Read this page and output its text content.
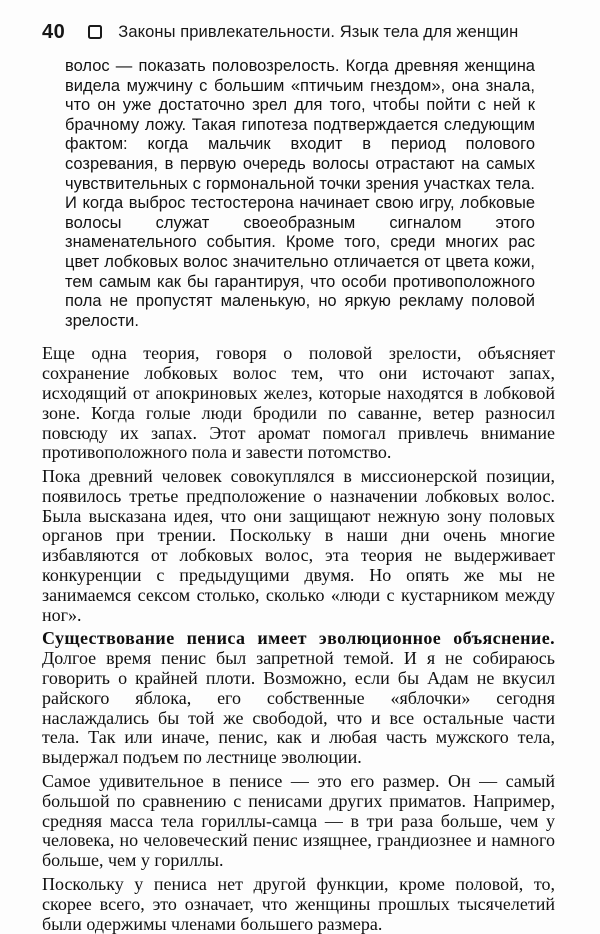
40	Законы привлекательности. Язык тела для женщин
волос — показать половозрелость. Когда древняя женщина видела мужчину с большим «птичьим гнездом», она знала, что он уже достаточно зрел для того, чтобы пойти с ней к брачному ложу. Такая гипотеза подтверждается следующим фактом: когда мальчик входит в период полового созревания, в первую очередь волосы отрастают на самых чувствительных с гормональной точки зрения участках тела. И когда выброс тестостерона начинает свою игру, лобковые волосы служат своеобразным сигналом этого знаменательного события. Кроме того, среди многих рас цвет лобковых волос значительно отличается от цвета кожи, тем самым как бы гарантируя, что особи противоположного пола не пропустят маленькую, но яркую рекламу половой зрелости.

Еще одна теория, говоря о половой зрелости, объясняет сохранение лобковых волос тем, что они источают запах, исходящий от апокриновых желез, которые находятся в лобковой зоне. Когда голые люди бродили по саванне, ветер разносил повсюду их запах. Этот аромат помогал привлечь внимание противоположного пола и завести потомство.

Пока древний человек совокуплялся в миссионерской позиции, появилось третье предположение о назначении лобковых волос. Была высказана идея, что они защищают нежную зону половых органов при трении. Поскольку в наши дни очень многие избавляются от лобковых волос, эта теория не выдерживает конкуренции с предыдущими двумя. Но опять же мы не занимаемся сексом столько, сколько «люди с кустарником между ног».

Существование пениса имеет эволюционное объяснение. Долгое время пенис был запретной темой. И я не собираюсь говорить о крайней плоти. Возможно, если бы Адам не вкусил райского яблока, его собственные «яблочки» сегодня наслаждались бы той же свободой, что и все остальные части тела. Так или иначе, пенис, как и любая часть мужского тела, выдержал подъем по лестнице эволюции.

Самое удивительное в пенисе — это его размер. Он — самый большой по сравнению с пенисами других приматов. Например, средняя масса тела гориллы-самца — в три раза больше, чем у человека, но человеческий пенис изящнее, грандиознее и намного больше, чем у гориллы.

Поскольку у пениса нет другой функции, кроме половой, то, скорее всего, это означает, что женщины прошлых тысячелетий были одержимы членами большего размера.
